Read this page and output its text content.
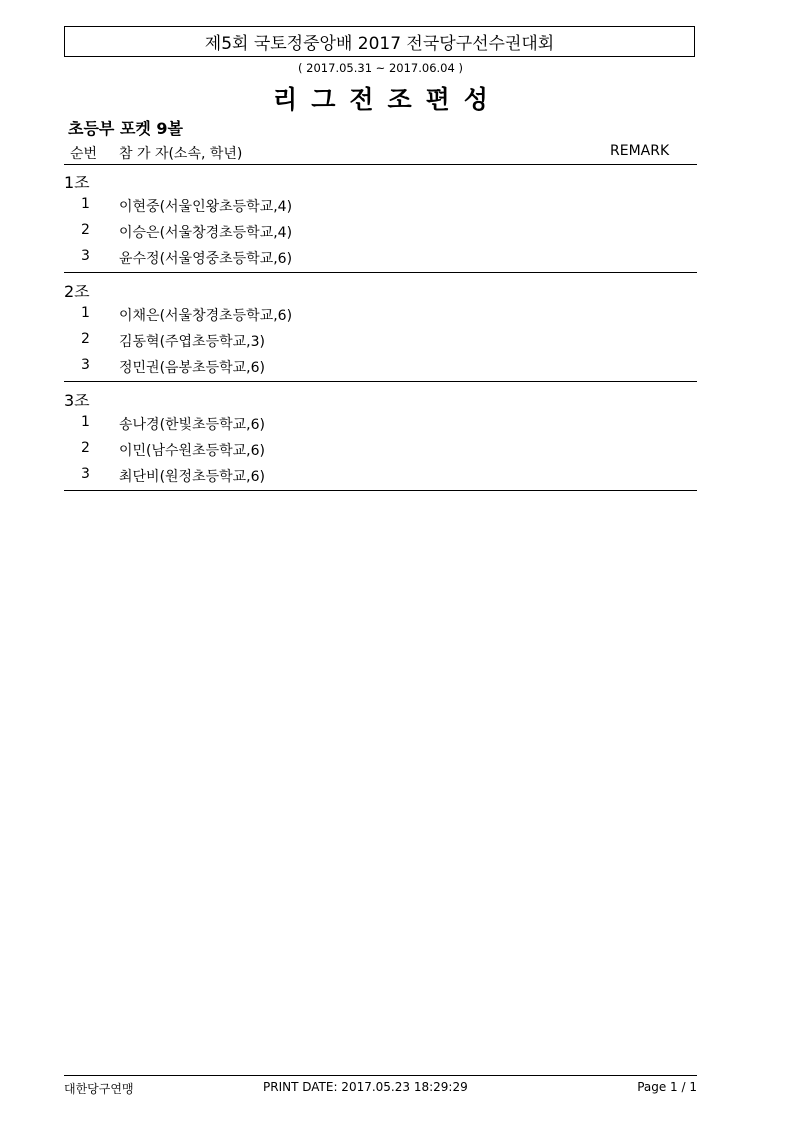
제5회 국토정중앙배 2017 전국당구선수권대회
( 2017.05.31 ~ 2017.06.04 )
리그전조편성
초등부 포켓 9볼
순번 참 가 자(소속, 학년)	REMARK
1조
1 이현중(서울인왕초등학교,4)
2 이승은(서울창경초등학교,4)
3 윤수정(서울영중초등학교,6)
2조
1 이채은(서울창경초등학교,6)
2 김동혁(주엽초등학교,3)
3 정민권(음봉초등학교,6)
3조
1 송나경(한빛초등학교,6)
2 이민(남수원초등학교,6)
3 최단비(원정초등학교,6)
대한당구연맹	PRINT DATE: 2017.05.23 18:29:29	Page 1 / 1
